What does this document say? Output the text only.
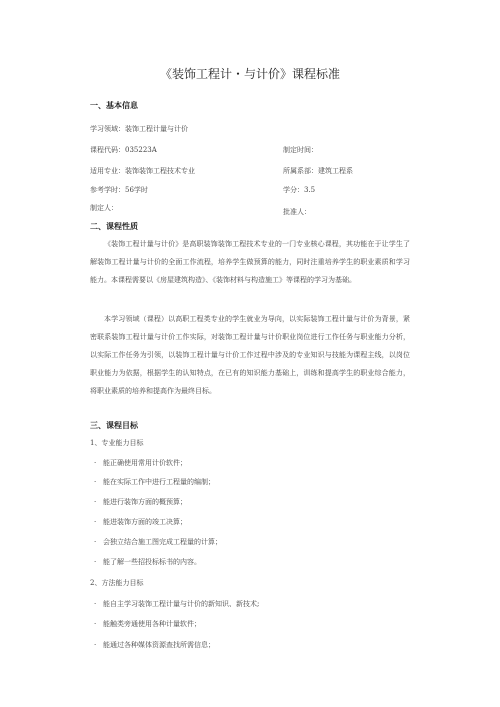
《装饰工程计・与计价》课程标准
一、基本信息
学习领域：装饰工程计量与计价
课程代码：035223A	制定时间：
适用专业：装饰装饰工程技术专业	所属系部：建筑工程系
参考学时：56学时	学分：3.5
制定人：	批准人：
二、课程性质
《装饰工程计量与计价》是高职装饰装饰工程技术专业的一门专业核心课程，其功能在于让学生了解装饰工程计量与计价的全面工作流程，培养学生做预算的能力，同时注重培养学生的职业素质和学习能力。本课程需要以《房屋建筑构造》、《装饰材料与构造施工》等课程的学习为基础。
本学习领域（课程）以高职工程类专业的学生就业为导向，以实际装饰工程计量与计价为背景，紧密联系装饰工程计量与计价工作实际，对装饰工程计量与计价职业岗位进行工作任务与职业能力分析，以实际工作任务为引领，以装饰工程计量与计价工作过程中涉及的专业知识与技能为课程主线，以岗位职业能力为依据，根据学生的认知特点，在已有的知识能力基础上，训练和提高学生的职业综合能力，将职业素质的培养和提高作为最终目标。
三、课程目标
1、专业能力目标
· 能正确使用常用计价软件；
· 能在实际工作中进行工程量的编制；
· 能进行装饰方面的概预算；
· 能进装饰方面的竣工决算；
· 会独立结合施工图完成工程量的计算；
· 能了解一些招投标标书的内容。
2、方法能力目标
· 能自主学习装饰工程计量与计价的新知识、新技术;
· 能触类旁通使用各种计量软件；
· 能通过各种媒体资源查找所需信息；
